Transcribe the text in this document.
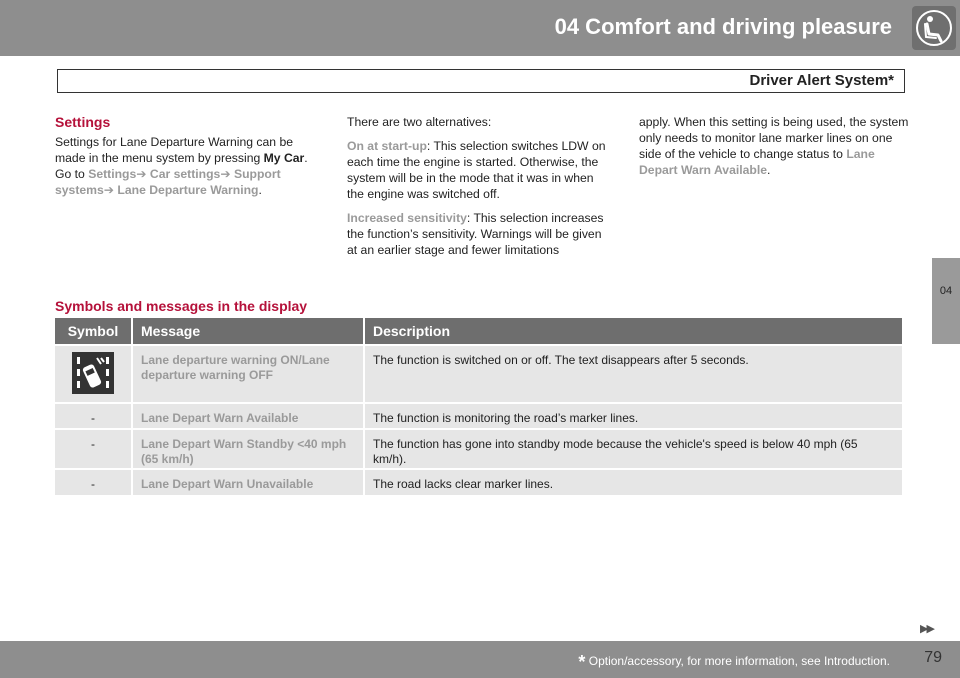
04 Comfort and driving pleasure
Driver Alert System*
04
Settings

Settings for Lane Departure Warning can be made in the menu system by pressing My Car. Go to Settings➔ Car settings➔ Support systems➔ Lane Departure Warning.

There are two alternatives:

On at start-up: This selection switches LDW on each time the engine is started. Otherwise, the system will be in the mode that it was in when the engine was switched off.

Increased sensitivity: This selection increases the function’s sensitivity. Warnings will be given at an earlier stage and fewer limitations

apply. When this setting is being used, the system only needs to monitor lane marker lines on one side of the vehicle to change status to Lane Depart Warn Available.

Symbols and messages in the display
Symbol	Message	Description
	Lane departure warning ON/Lane departure warning OFF	The function is switched on or off. The text disappears after 5 seconds.
-	Lane Depart Warn Available	The function is monitoring the road’s marker lines.
-	Lane Depart Warn Standby <40 mph (65 km/h)	The function has gone into standby mode because the vehicle's speed is below 40 mph (65 km/h).
-	Lane Depart Warn Unavailable	The road lacks clear marker lines.
▶▶
* Option/accessory, for more information, see Introduction. 79
